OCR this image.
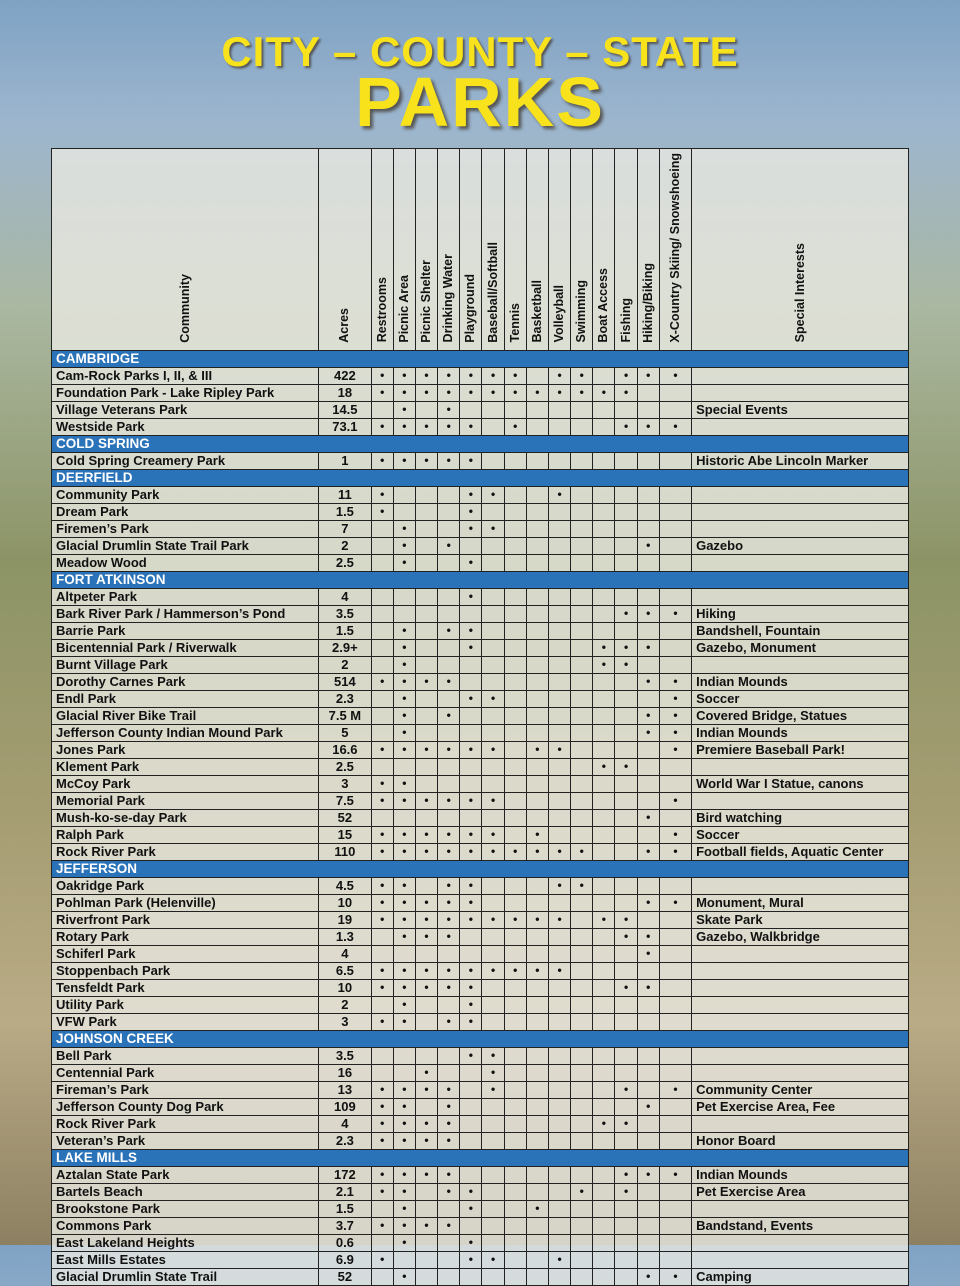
CITY – COUNTY – STATE
PARKS
Community	Acres	Restrooms	Picnic Area	Picnic Shelter	Drinking Water	Playground	Baseball/Softball	Tennis	Basketball	Volleyball	Swimming	Boat Access	Fishing	Hiking/Biking	X-Country Skiing/ Snowshoeing	Special Interests
CAMBRIDGE																
Cam-Rock Parks I, II, & III	422	•	•	•	•	•	•	•		•	•		•	•	•	
Foundation Park - Lake Ripley Park	18	•	•	•	•	•	•	•	•	•	•	•	•			
Village Veterans Park	14.5		•		•											Special Events
Westside Park	73.1	•	•	•	•	•		•					•	•	•	
COLD SPRING																
Cold Spring Creamery Park	1	•	•	•	•	•										Historic Abe Lincoln Marker
DEERFIELD																
Community Park	11	•				•	•			•						
Dream Park	1.5	•				•										
Firemen’s Park	7		•			•	•									
Glacial Drumlin State Trail Park	2		•		•									•		Gazebo
Meadow Wood	2.5		•			•										
FORT ATKINSON																
Altpeter Park	4					•										
Bark River Park / Hammerson’s Pond	3.5												•	•	•	Hiking
Barrie Park	1.5		•		•	•										Bandshell, Fountain
Bicentennial Park / Riverwalk	2.9+		•			•						•	•	•		Gazebo, Monument
Burnt Village Park	2		•									•	•			
Dorothy Carnes Park	514	•	•	•	•									•	•	Indian Mounds
Endl Park	2.3		•			•	•								•	Soccer
Glacial River Bike Trail	7.5 M		•		•									•	•	Covered Bridge, Statues
Jefferson County Indian Mound Park	5		•											•	•	Indian Mounds
Jones Park	16.6	•	•	•	•	•	•		•	•					•	Premiere Baseball Park!
Klement Park	2.5											•	•			
McCoy Park	3	•	•													World War I Statue, canons
Memorial Park	7.5	•	•	•	•	•	•								•	
Mush-ko-se-day Park	52													•		Bird watching
Ralph Park	15	•	•	•	•	•	•		•						•	Soccer
Rock River Park	110	•	•	•	•	•	•	•	•	•	•			•	•	Football fields, Aquatic Center
JEFFERSON																
Oakridge Park	4.5	•	•		•	•				•	•					
Pohlman Park (Helenville)	10	•	•	•	•	•								•	•	Monument, Mural
Riverfront Park	19	•	•	•	•	•	•	•	•	•		•	•			Skate Park
Rotary Park	1.3		•	•	•								•	•		Gazebo, Walkbridge
Schiferl Park	4													•		
Stoppenbach Park	6.5	•	•	•	•	•	•	•	•	•						
Tensfeldt Park	10	•	•	•	•	•							•	•		
Utility Park	2		•			•										
VFW Park	3	•	•		•	•										
JOHNSON CREEK																
Bell Park	3.5					•	•									
Centennial Park	16			•			•									
Fireman’s Park	13	•	•	•	•		•						•		•	Community Center
Jefferson County Dog Park	109	•	•		•									•		Pet Exercise Area, Fee
Rock River Park	4	•	•	•	•							•	•			
Veteran’s Park	2.3	•	•	•	•											Honor Board
LAKE MILLS																
Aztalan State Park	172	•	•	•	•								•	•	•	Indian Mounds
Bartels Beach	2.1	•	•		•	•					•		•			Pet Exercise Area
Brookstone Park	1.5		•			•			•							
Commons Park	3.7	•	•	•	•											Bandstand, Events
East Lakeland Heights	0.6		•			•										
East Mills Estates	6.9	•				•	•			•						
Glacial Drumlin State Trail	52		•											•	•	Camping
